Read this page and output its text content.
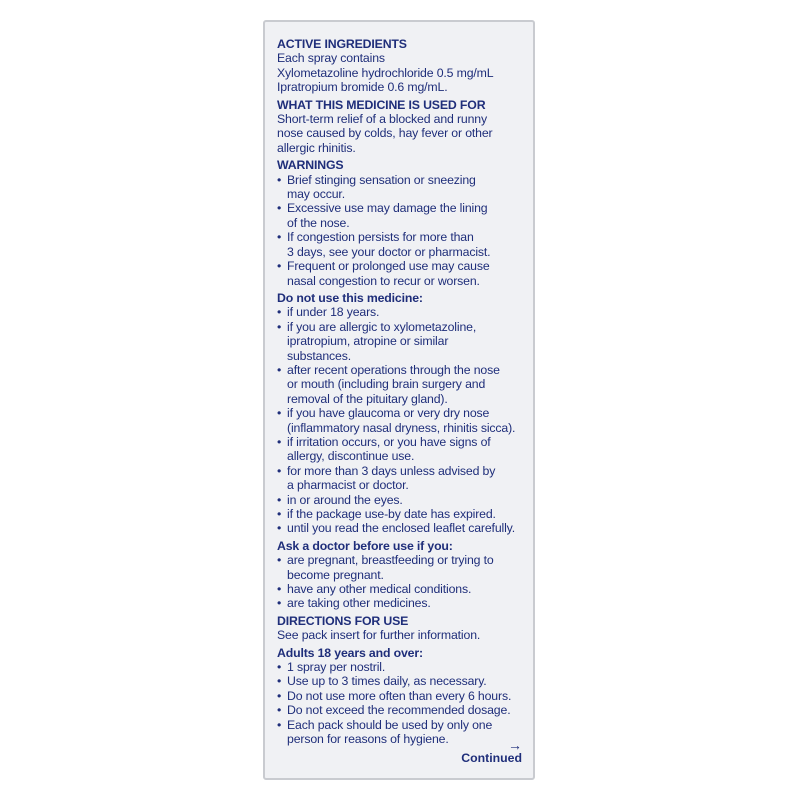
ACTIVE INGREDIENTS
Each spray contains
Xylometazoline hydrochloride 0.5 mg/mL
Ipratropium bromide 0.6 mg/mL.
WHAT THIS MEDICINE IS USED FOR
Short-term relief of a blocked and runny
nose caused by colds, hay fever or other
allergic rhinitis.
WARNINGS
• Brief stinging sensation or sneezing
may occur.
• Excessive use may damage the lining
of the nose.
• If congestion persists for more than
3 days, see your doctor or pharmacist.
• Frequent or prolonged use may cause
nasal congestion to recur or worsen.
Do not use this medicine:
• if under 18 years.
• if you are allergic to xylometazoline,
ipratropium, atropine or similar
substances.
• after recent operations through the nose
or mouth (including brain surgery and
removal of the pituitary gland).
• if you have glaucoma or very dry nose
(inflammatory nasal dryness, rhinitis sicca).
• if irritation occurs, or you have signs of
allergy, discontinue use.
• for more than 3 days unless advised by
a pharmacist or doctor.
• in or around the eyes.
• if the package use-by date has expired.
• until you read the enclosed leaflet carefully.
Ask a doctor before use if you:
• are pregnant, breastfeeding or trying to
become pregnant.
• have any other medical conditions.
• are taking other medicines.
DIRECTIONS FOR USE
See pack insert for further information.
Adults 18 years and over:
• 1 spray per nostril.
• Use up to 3 times daily, as necessary.
• Do not use more often than every 6 hours.
• Do not exceed the recommended dosage.
• Each pack should be used by only one
person for reasons of hygiene.	→
Continued
